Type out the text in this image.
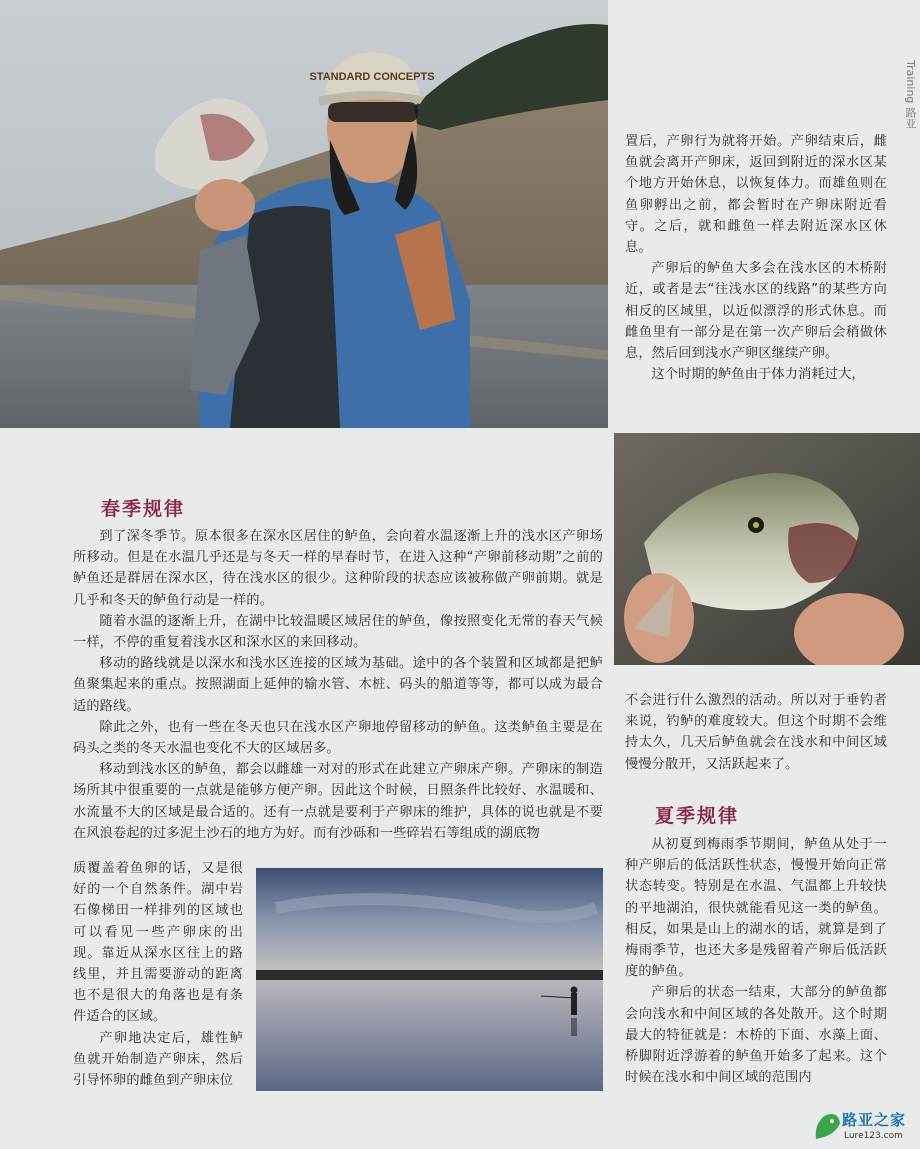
STANDARD CONCEPTS	Training 路亚

置后，产卵行为就将开始。产卵结束后，雌鱼就会离开产卵床，返回到附近的深水区某个地方开始休息，以恢复体力。而雄鱼则在鱼卵孵出之前，都会暂时在产卵床附近看守。之后，就和雌鱼一样去附近深水区休息。

产卵后的鲈鱼大多会在浅水区的木桥附近，或者是去“往浅水区的线路”的某些方向相反的区域里，以近似漂浮的形式休息。而雌鱼里有一部分是在第一次产卵后会稍做休息，然后回到浅水产卵区继续产卵。

这个时期的鲈鱼由于体力消耗过大，

不会进行什么激烈的活动。所以对于垂钓者来说，钓鲈的难度较大。但这个时期不会维持太久，几天后鲈鱼就会在浅水和中间区域慢慢分散开，又活跃起来了。

春季规律

到了深冬季节。原本很多在深水区居住的鲈鱼，会向着水温逐渐上升的浅水区产卵场所移动。但是在水温几乎还是与冬天一样的早春时节，在进入这种“产卵前移动期”之前的鲈鱼还是群居在深水区，待在浅水区的很少。这种阶段的状态应该被称做产卵前期。就是几乎和冬天的鲈鱼行动是一样的。

随着水温的逐渐上升，在湖中比较温暖区域居住的鲈鱼，像按照变化无常的春天气候一样，不停的重复着浅水区和深水区的来回移动。

移动的路线就是以深水和浅水区连接的区域为基础。途中的各个装置和区域都是把鲈鱼聚集起来的重点。按照湖面上延伸的输水管、木桩、码头的船道等等，都可以成为最合适的路线。

除此之外，也有一些在冬天也只在浅水区产卵地停留移动的鲈鱼。这类鲈鱼主要是在码头之类的冬天水温也变化不大的区域居多。

移动到浅水区的鲈鱼，都会以雌雄一对对的形式在此建立产卵床产卵。产卵床的制造场所其中很重要的一点就是能够方便产卵。因此这个时候，日照条件比较好、水温暖和、水流量不大的区域是最合适的。还有一点就是要利于产卵床的维护，具体的说也就是不要在风浪卷起的过多泥土沙石的地方为好。而有沙砾和一些碎岩石等组成的湖底物

质覆盖着鱼卵的话，又是很好的一个自然条件。湖中岩石像梯田一样排列的区域也可以看见一些产卵床的出现。靠近从深水区往上的路线里，并且需要游动的距离也不是很大的角落也是有条件适合的区域。

产卵地决定后，雄性鲈鱼就开始制造产卵床，然后引导怀卵的雌鱼到产卵床位

夏季规律

从初夏到梅雨季节期间，鲈鱼从处于一种产卵后的低活跃性状态，慢慢开始向正常状态转变。特别是在水温、气温都上升较快的平地湖泊，很快就能看见这一类的鲈鱼。相反，如果是山上的湖水的话，就算是到了梅雨季节，也还大多是残留着产卵后低活跃度的鲈鱼。

产卵后的状态一结束，大部分的鲈鱼都会向浅水和中间区域的各处散开。这个时期最大的特征就是：木桥的下面、水藻上面、桥脚附近浮游着的鲈鱼开始多了起来。这个时候在浅水和中间区域的范围内

路亚之家
Lure123.com
